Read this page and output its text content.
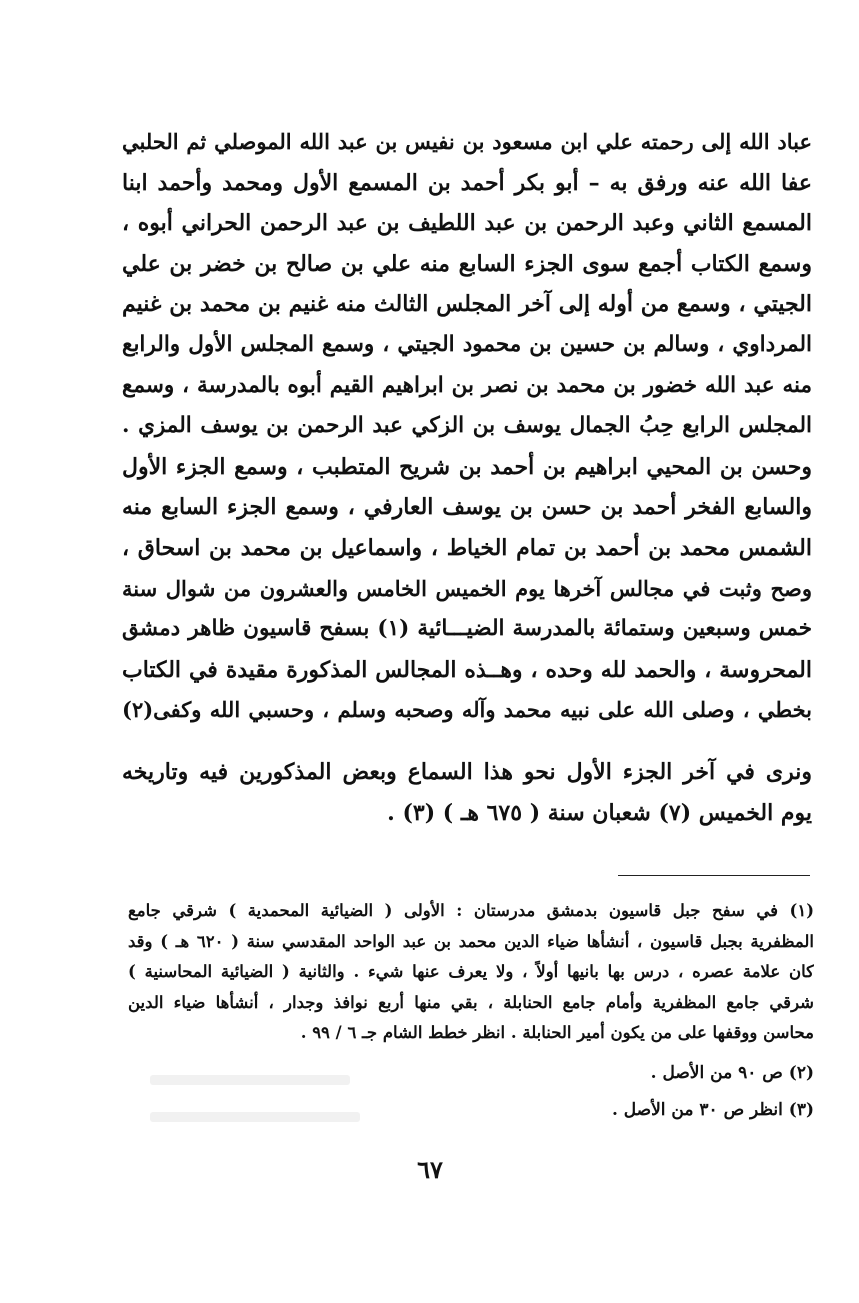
عباد الله إلى رحمته علي ابن مسعود بن نفيس بن عبد الله الموصلي ثم الحلبي
عفا الله عنه ورفق به – أبو بكر أحمد بن المسمع الأول ومحمد وأحمد ابنا
المسمع الثاني وعبد الرحمن بن عبد اللطيف بن عبد الرحمن الحراني أبوه ،
وسمع الكتاب أجمع سوى الجزء السابع منه علي بن صالح بن خضر بن علي
الجيتي ، وسمع من أوله إلى آخر المجلس الثالث منه غنيم بن محمد بن غنيم
المرداوي ، وسالم بن حسين بن محمود الجيتي ، وسمع المجلس الأول والرابع
منه عبد الله خضور بن محمد بن نصر بن ابراهيم القيم أبوه بالمدرسة ، وسمع
المجلس الرابع حِبُ الجمال يوسف بن الزكي عبد الرحمن بن يوسف المزي .
وحسن بن المحيي ابراهيم بن أحمد بن شريح المتطبب ، وسمع الجزء الأول
والسابع الفخر أحمد بن حسن بن يوسف العارفي ، وسمع الجزء السابع منه
الشمس محمد بن أحمد بن تمام الخياط ، واسماعيل بن محمد بن اسحاق ،
وصح وثبت في مجالس آخرها يوم الخميس الخامس والعشرون من شوال سنة
خمس وسبعين وستمائة بالمدرسة الضيـــائية (١) بسفح قاسيون ظاهر دمشق
المحروسة ، والحمد لله وحده ، وهــذه المجالس المذكورة مقيدة في الكتاب
بخطي ، وصلى الله على نبيه محمد وآله وصحبه وسلم ، وحسبي الله وكفى(٢)
ونرى في آخر الجزء الأول نحو هذا السماع وبعض المذكورين فيه وتاريخه
يوم الخميس (٧) شعبان سنة ( ٦٧٥ هـ ) (٣) .
(١) في سفح جبل قاسيون بدمشق مدرستان : الأولى ( الضيائية المحمدية ) شرقي جامع
المظفرية بجبل قاسيون ، أنشأها ضياء الدين محمد بن عبد الواحد المقدسي سنة ( ٦٢٠ هـ ) وقد
كان علامة عصره ، درس بها بانيها أولاً ، ولا يعرف عنها شيء . والثانية ( الضيائية المحاسنية )
شرقي جامع المظفرية وأمام جامع الحنابلة ، بقي منها أربع نوافذ وجدار ، أنشأها ضياء الدين
محاسن ووقفها على من يكون أمير الحنابلة . انظر خطط الشام جـ ٦ / ٩٩ .
(٢) ص ٩٠ من الأصل .
(٣) انظر ص ٣٠ من الأصل .
٦٧
